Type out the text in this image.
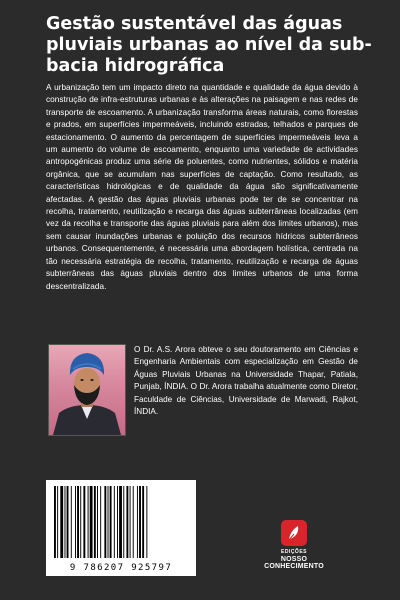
Gestão sustentável das águas pluviais urbanas ao nível da sub-bacia hidrográfica

A urbanização tem um impacto direto na quantidade e qualidade da água devido à construção de infra-estruturas urbanas e às alterações na paisagem e nas redes de transporte de escoamento. A urbanização transforma áreas naturais, como florestas e prados, em superfícies impermeáveis, incluindo estradas, telhados e parques de estacionamento. O aumento da percentagem de superfícies impermeáveis leva a um aumento do volume de escoamento, enquanto uma variedade de actividades antropogénicas produz uma série de poluentes, como nutrientes, sólidos e matéria orgânica, que se acumulam nas superfícies de captação. Como resultado, as características hidrológicas e de qualidade da água são significativamente afectadas. A gestão das águas pluviais urbanas pode ter de se concentrar na recolha, tratamento, reutilização e recarga das águas subterrâneas localizadas (em vez da recolha e transporte das águas pluviais para além dos limites urbanos), mas sem causar inundações urbanas e poluição dos recursos hídricos subterrâneos urbanos. Consequentemente, é necessária uma abordagem holística, centrada na tão necessária estratégia de recolha, tratamento, reutilização e recarga de águas subterrâneas das águas pluviais dentro dos limites urbanos de uma forma descentralizada.

O Dr. A.S. Arora obteve o seu doutoramento em Ciências e Engenharia Ambientais com especialização em Gestão de Águas Pluviais Urbanas na Universidade Thapar, Patiala, Punjab, ÍNDIA. O Dr. Arora trabalha atualmente como Diretor, Faculdade de Ciências, Universidade de Marwadi, Rajkot, ÍNDIA.

9 786207 925797
EDIÇÕES
NOSSO CONHECIMENTO
